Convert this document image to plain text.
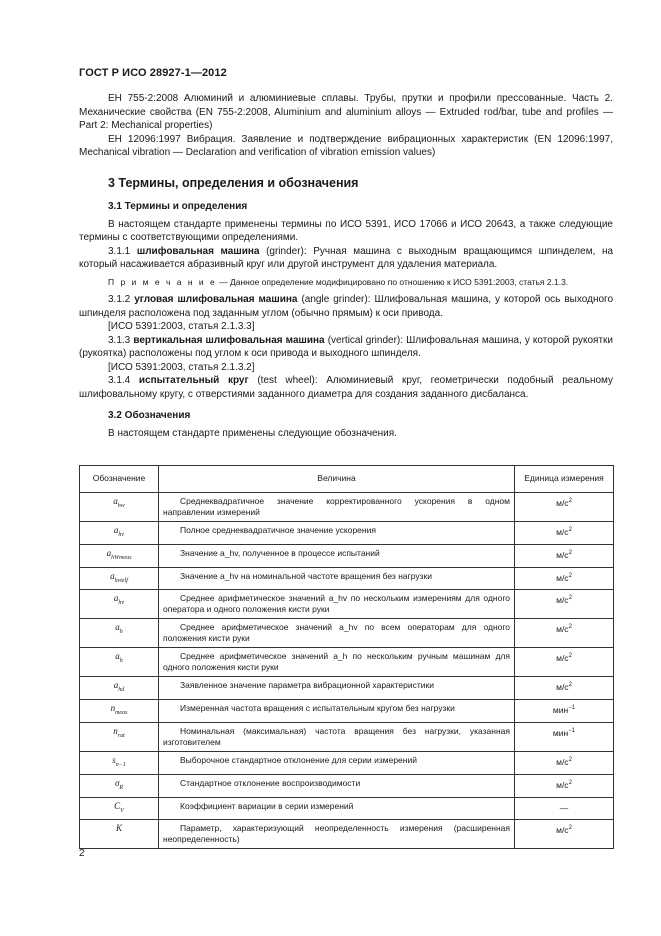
ГОСТ Р ИСО 28927-1—2012

ЕН 755-2:2008 Алюминий и алюминиевые сплавы. Трубы, прутки и профили прессованные. Часть 2. Механические свойства (EN 755-2:2008, Aluminium and aluminium alloys — Extruded rod/bar, tube and profiles — Part 2: Mechanical properties)

ЕН 12096:1997 Вибрация. Заявление и подтверждение вибрационных характеристик (EN 12096:1997, Mechanical vibration — Declaration and verification of vibration emission values)

3 Термины, определения и обозначения
3.1 Термины и определения

В настоящем стандарте применены термины по ИСО 5391, ИСО 17066 и ИСО 20643, а также следующие термины с соответствующими определениями.

3.1.1 шлифовальная машина (grinder): Ручная машина с выходным вращающимся шпинделем, на который насаживается абразивный круг или другой инструмент для удаления материала.

П р и м е ч а н и е — Данное определение модифицировано по отношению к ИСО 5391:2003, статья 2.1.3.

3.1.2 угловая шлифовальная машина (angle grinder): Шлифовальная машина, у которой ось выходного шпинделя расположена под заданным углом (обычно прямым) к оси привода.

[ИСО 5391:2003, статья 2.1.3.3]

3.1.3 вертикальная шлифовальная машина (vertical grinder): Шлифовальная машина, у которой рукоятки (рукоятка) расположены под углом к оси привода и выходного шпинделя.

[ИСО 5391:2003, статья 2.1.3.2]

3.1.4 испытательный круг (test wheel): Алюминиевый круг, геометрически подобный реальному шлифовальному кругу, с отверстиями заданного диаметра для создания заданного дисбаланса.

3.2 Обозначения

В настоящем стандарте применены следующие обозначения.

Обозначение	Величина	Единица измерения
$a_{hw}$	Среднеквадратичное значение корректированного ускорения в одном направлении измерений	$м/с^2$
$a_{hv}$	Полное среднеквадратичное значение ускорения	$м/с^2$
$a_{hWmeas}$	Значение a_hv, полученное в процессе испытаний	$м/с^2$
$a_{hvtelf}$	Значение a_hv на номинальной частоте вращения без нагрузки	$м/с^2$
$a_{hv}$	Среднее арифметическое значений a_hv по нескольким измерениям для одного оператора и одного положения кисти руки	$м/с^2$
$a_h$	Среднее арифметическое значений a_hv по всем операторам для одного положения кисти руки	$м/с^2$
$a_h$	Среднее арифметическое значений a_h по нескольким ручным машинам для одного положения кисти руки	$м/с^2$
$a_{hd}$	Заявленное значение параметра вибрационной характеристики	$м/с^2$
$n_{meas}$	Измеренная частота вращения с испытательным кругом без нагрузки	мин$^{-1}$
$n_{rat}$	Номинальная (максимальная) частота вращения без нагрузки, указанная изготовителем	мин$^{-1}$
$s_{n-1}$	Выборочное стандартное отклонение для серии измерений	$м/с^2$
$\sigma_R$	Стандартное отклонение воспроизводимости	$м/с^2$
$C_V$	Коэффициент вариации в серии измерений	—
K	Параметр, характеризующий неопределенность измерения (расширенная неопределенность)	$м/с^2$
2
